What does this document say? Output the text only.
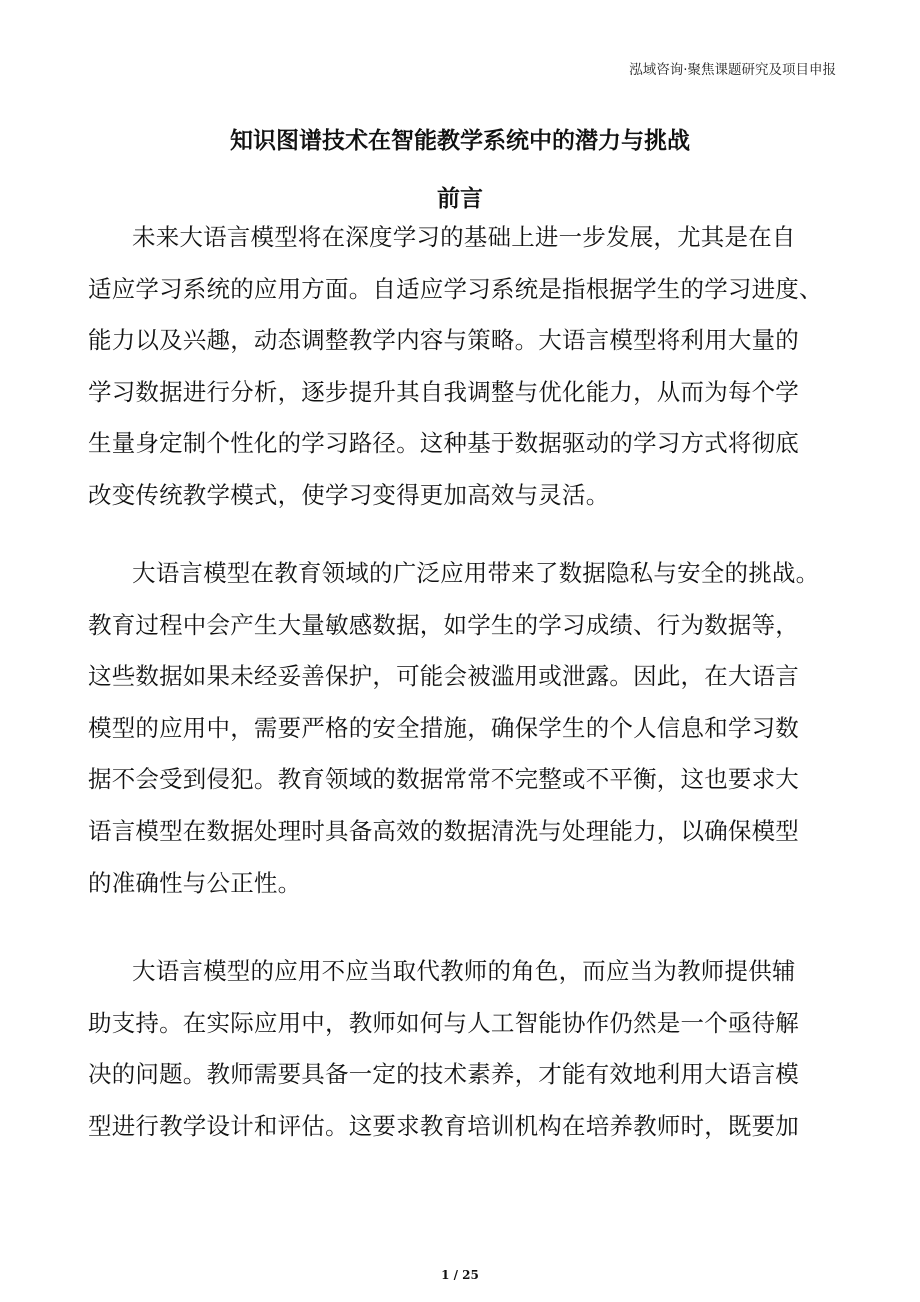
泓域咨询·聚焦课题研究及项目申报
知识图谱技术在智能教学系统中的潜力与挑战
前言
未来大语言模型将在深度学习的基础上进一步发展，尤其是在自
适应学习系统的应用方面。自适应学习系统是指根据学生的学习进度、
能力以及兴趣，动态调整教学内容与策略。大语言模型将利用大量的
学习数据进行分析，逐步提升其自我调整与优化能力，从而为每个学
生量身定制个性化的学习路径。这种基于数据驱动的学习方式将彻底
改变传统教学模式，使学习变得更加高效与灵活。
大语言模型在教育领域的广泛应用带来了数据隐私与安全的挑战。
教育过程中会产生大量敏感数据，如学生的学习成绩、行为数据等，
这些数据如果未经妥善保护，可能会被滥用或泄露。因此，在大语言
模型的应用中，需要严格的安全措施，确保学生的个人信息和学习数
据不会受到侵犯。教育领域的数据常常不完整或不平衡，这也要求大
语言模型在数据处理时具备高效的数据清洗与处理能力，以确保模型
的准确性与公正性。
大语言模型的应用不应当取代教师的角色，而应当为教师提供辅
助支持。在实际应用中，教师如何与人工智能协作仍然是一个亟待解
决的问题。教师需要具备一定的技术素养，才能有效地利用大语言模
型进行教学设计和评估。这要求教育培训机构在培养教师时，既要加
1 / 25
